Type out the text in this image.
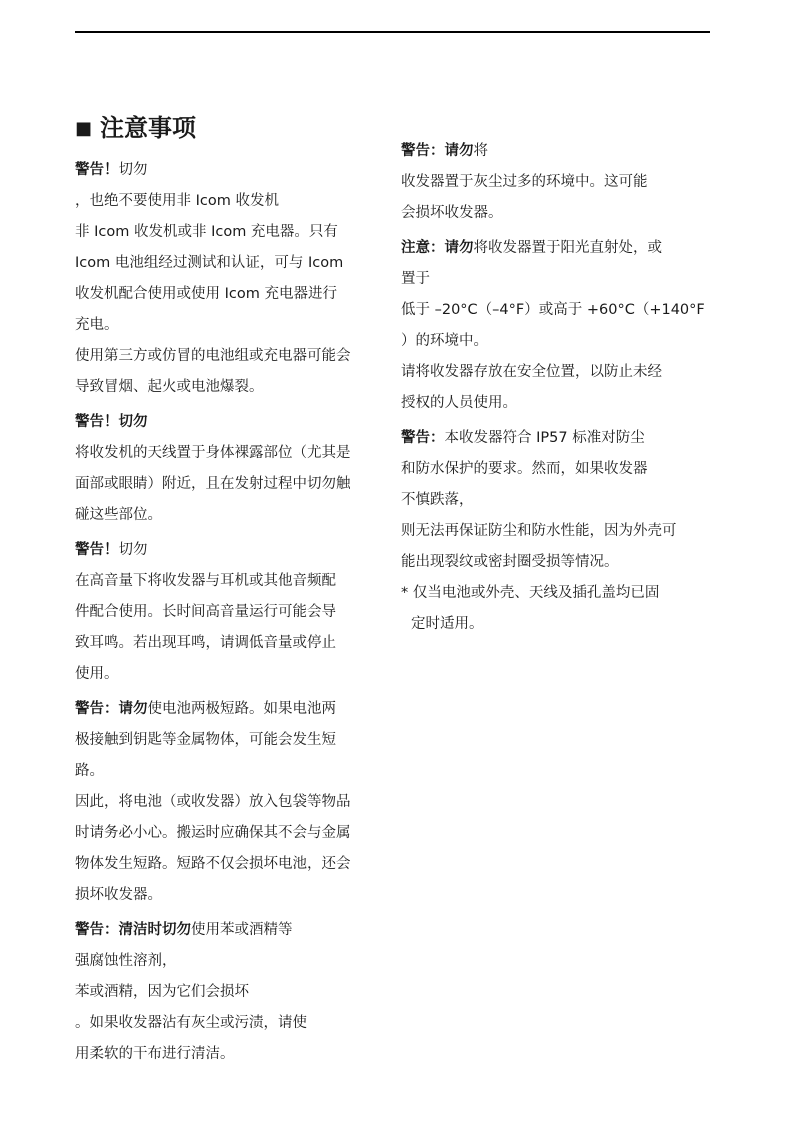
■ 注意事项
警告！切勿
，也绝不要使用非 Icom 收发机
非 Icom 收发机或非 Icom 充电器。只有
Icom 电池组经过测试和认证，可与 Icom
收发机配合使用或使用 Icom 充电器进行
充电。
使用第三方或仿冒的电池组或充电器可能会
导致冒烟、起火或电池爆裂。
警告！切勿
将收发机的天线置于身体裸露部位（尤其是
面部或眼睛）附近，且在发射过程中切勿触
碰这些部位。
警告！切勿
在高音量下将收发器与耳机或其他音频配
件配合使用。长时间高音量运行可能会导
致耳鸣。若出现耳鸣，请调低音量或停止
使用。
警告：请勿使电池两极短路。如果电池两
极接触到钥匙等金属物体，可能会发生短
路。
因此，将电池（或收发器）放入包袋等物品
时请务必小心。搬运时应确保其不会与金属
物体发生短路。短路不仅会损坏电池，还会
损坏收发器。
警告：清洁时切勿使用苯或酒精等
强腐蚀性溶剂，
苯或酒精，因为它们会损坏
。如果收发器沾有灰尘或污渍，请使
用柔软的干布进行清洁。
警告：请勿将
收发器置于灰尘过多的环境中。这可能
会损坏收发器。
注意：请勿将收发器置于阳光直射处，或
置于
低于 –20°C（–4°F）或高于 +60°C（+140°F
）的环境中。
请将收发器存放在安全位置，以防止未经
授权的人员使用。
警告：本收发器符合 IP57 标准对防尘
和防水保护的要求。然而，如果收发器
不慎跌落，
则无法再保证防尘和防水性能，因为外壳可
能出现裂纹或密封圈受损等情况。
* 仅当电池或外壳、天线及插孔盖均已固
定时适用。
